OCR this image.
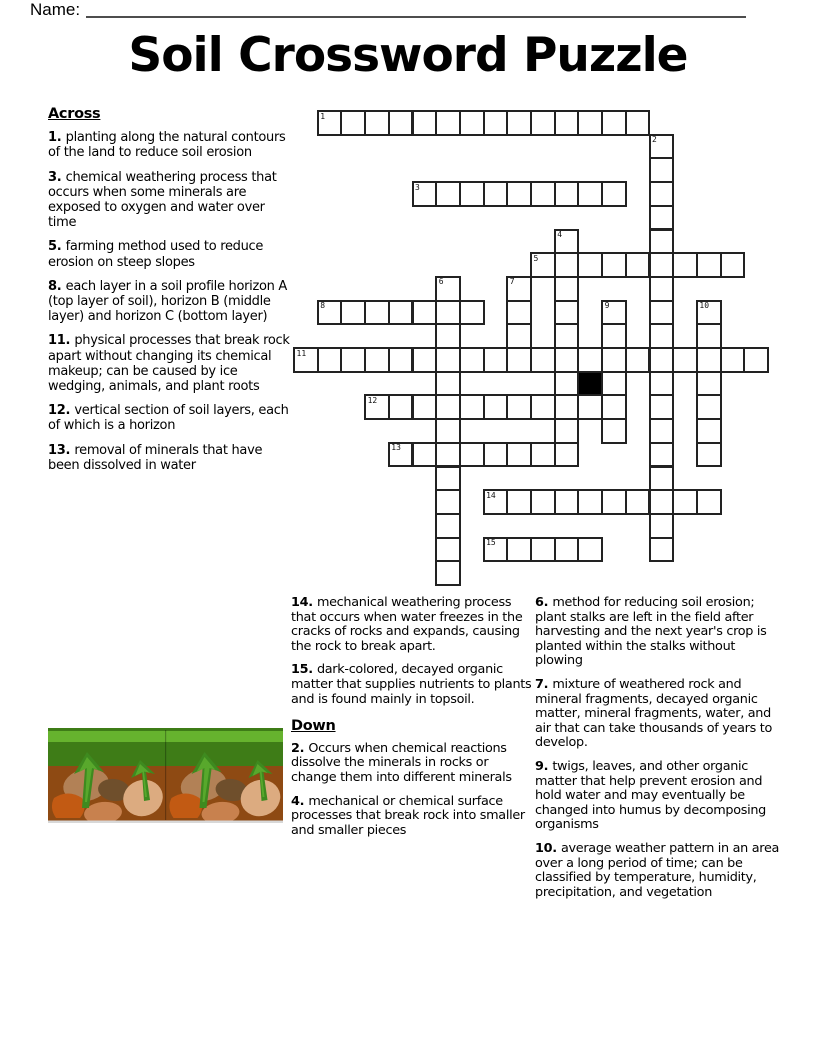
Name:
Soil Crossword Puzzle
1
2
3
4
5
6	7
8	9	10
11
12
13
14
15
Across

1. planting along the natural contours of the land to reduce soil erosion

3. chemical weathering process that occurs when some minerals are exposed to oxygen and water over time

5. farming method used to reduce erosion on steep slopes

8. each layer in a soil profile horizon A (top layer of soil), horizon B (middle layer) and horizon C (bottom layer)

11. physical processes that break rock apart without changing its chemical makeup; can be caused by ice wedging, animals, and plant roots

12. vertical section of soil layers, each of which is a horizon

13. removal of minerals that have been dissolved in water

14. mechanical weathering process that occurs when water freezes in the cracks of rocks and expands, causing the rock to break apart.

15. dark-colored, decayed organic matter that supplies nutrients to plants and is found mainly in topsoil.

Down

2. Occurs when chemical reactions dissolve the minerals in rocks or change them into different minerals

4. mechanical or chemical surface processes that break rock into smaller and smaller pieces

6. method for reducing soil erosion; plant stalks are left in the field after harvesting and the next year's crop is planted within the stalks without plowing

7. mixture of weathered rock and mineral fragments, decayed organic matter, mineral fragments, water, and air that can take thousands of years to develop.

9. twigs, leaves, and other organic matter that help prevent erosion and hold water and may eventually be changed into humus by decomposing organisms

10. average weather pattern in an area over a long period of time; can be classified by temperature, humidity, precipitation, and vegetation
